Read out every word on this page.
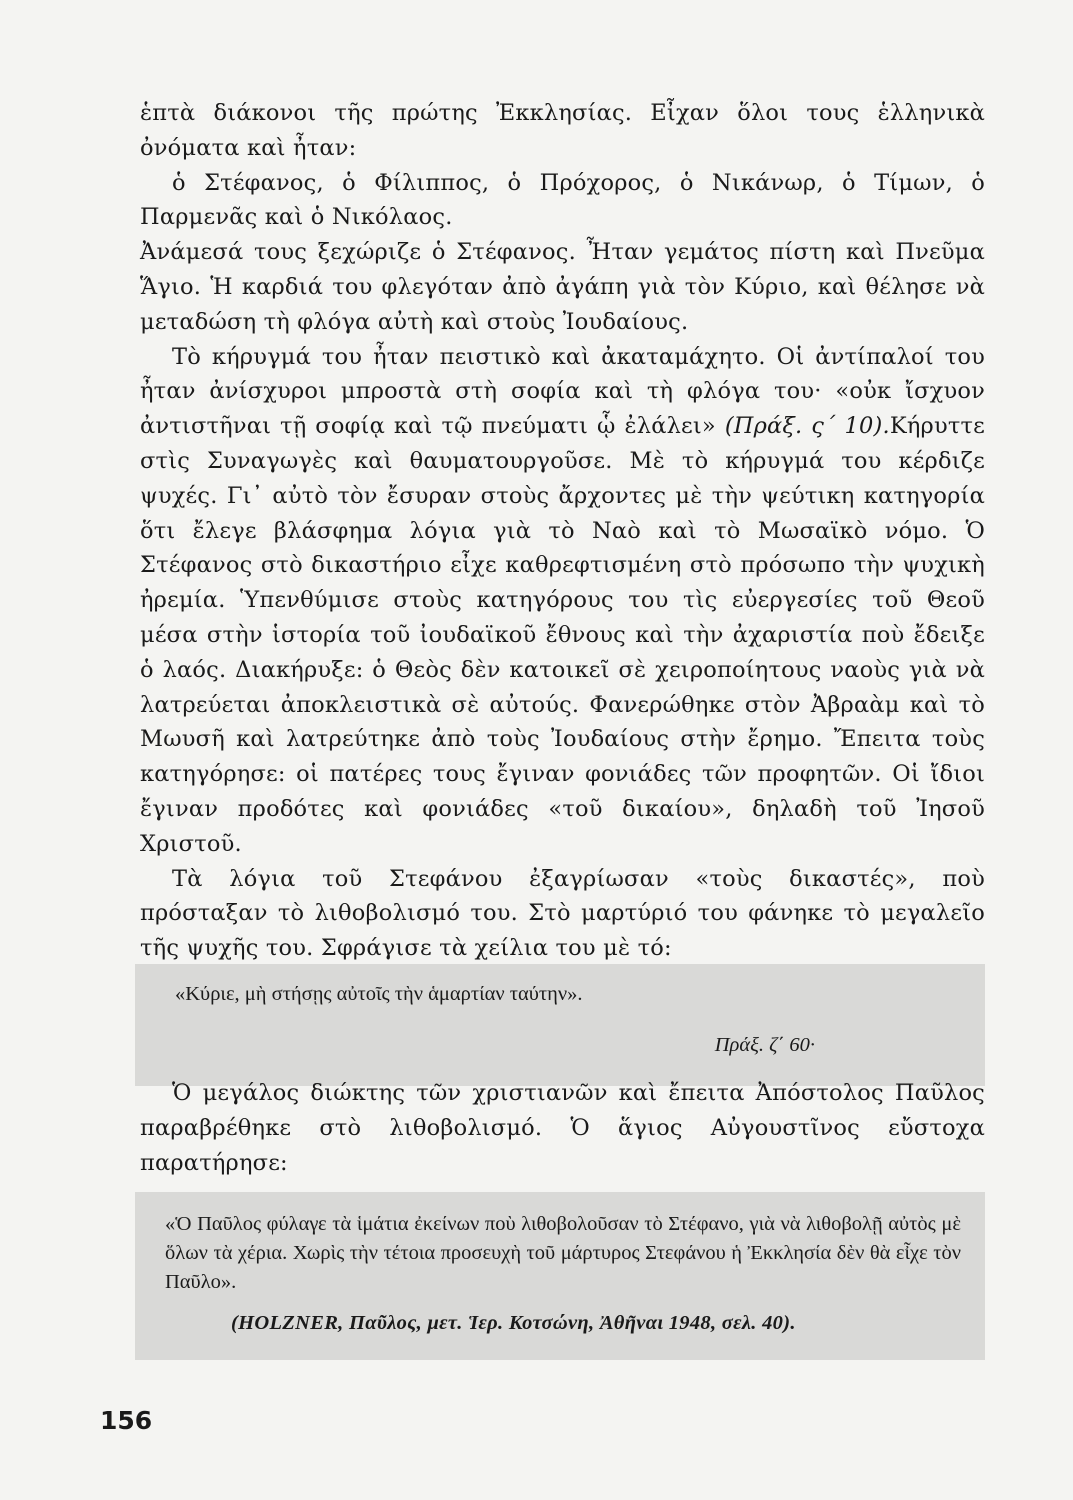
ἑπτὰ διάκονοι τῆς πρώτης Ἐκκλησίας. Εἶχαν ὅλοι τους ἑλληνικὰ ὀνόματα καὶ ἦταν:
ὁ Στέφανος, ὁ Φίλιππος, ὁ Πρόχορος, ὁ Νικάνωρ, ὁ Τίμων, ὁ Παρμενᾶς καὶ ὁ Νικόλαος.
Ἀνάμεσά τους ξεχώριζε ὁ Στέφανος. Ἦταν γεμάτος πίστη καὶ Πνεῦμα Ἅγιο. Ἡ καρδιά του φλεγόταν ἀπὸ ἀγάπη γιὰ τὸν Κύριο, καὶ θέλησε νὰ μεταδώση τὴ φλόγα αὐτὴ καὶ στοὺς Ἰουδαίους.
Τὸ κήρυγμά του ἦταν πειστικὸ καὶ ἀκαταμάχητο. Οἱ ἀντίπαλοί του ἦταν ἀνίσχυροι μπροστὰ στὴ σοφία καὶ τὴ φλόγα του· «οὐκ ἴσχυον ἀντιστῆναι τῇ σοφίᾳ καὶ τῷ πνεύματι ᾧ ἐλάλει» (Πράξ. ς΄ 10).Κήρυττε στὶς Συναγωγὲς καὶ θαυματουργοῦσε. Μὲ τὸ κήρυγμά του κέρδιζε ψυχές. Γι᾿ αὐτὸ τὸν ἔσυραν στοὺς ἄρχοντες μὲ τὴν ψεύτικη κατηγορία ὅτι ἔλεγε βλάσφημα λόγια γιὰ τὸ Ναὸ καὶ τὸ Μωσαϊκὸ νόμο. Ὁ Στέφανος στὸ δικαστήριο εἶχε καθρεφτισμένη στὸ πρόσωπο τὴν ψυχικὴ ἠρεμία. Ὑπενθύμισε στοὺς κατηγόρους του τὶς εὐεργεσίες τοῦ Θεοῦ μέσα στὴν ἱστορία τοῦ ἰουδαϊκοῦ ἔθνους καὶ τὴν ἀχαριστία ποὺ ἔδειξε ὁ λαός. Διακήρυξε: ὁ Θεὸς δὲν κατοικεῖ σὲ χειροποίητους ναοὺς γιὰ νὰ λατρεύεται ἀποκλειστικὰ σὲ αὐτούς. Φανερώθηκε στὸν Ἀβραὰμ καὶ τὸ Μωυσῆ καὶ λατρεύτηκε ἀπὸ τοὺς Ἰουδαίους στὴν ἔρημο. Ἔπειτα τοὺς κατηγόρησε: οἱ πατέρες τους ἔγιναν φονιάδες τῶν προφητῶν. Οἱ ἴδιοι ἔγιναν προδότες καὶ φονιάδες «τοῦ δικαίου», δηλαδὴ τοῦ Ἰησοῦ Χριστοῦ.
Τὰ λόγια τοῦ Στεφάνου ἐξαγρίωσαν «τοὺς δικαστές», ποὺ πρόσταξαν τὸ λιθοβολισμό του. Στὸ μαρτύριό του φάνηκε τὸ μεγαλεῖο τῆς ψυχῆς του. Σφράγισε τὰ χείλια του μὲ τό:

«Κύριε, μὴ στήσῃς αὐτοῖς τὴν ἁμαρτίαν ταύτην».

Πράξ. ζ΄ 60·

Ὁ μεγάλος διώκτης τῶν χριστιανῶν καὶ ἔπειτα Ἀπόστολος Παῦλος παραβρέθηκε στὸ λιθοβολισμό. Ὁ ἅγιος Αὐγουστῖνος εὔστοχα παρατήρησε:

«Ὁ Παῦλος φύλαγε τὰ ἱμάτια ἐκείνων ποὺ λιθοβολοῦσαν τὸ Στέφανο, γιὰ νὰ λιθοβολῇ αὐτὸς μὲ ὅλων τὰ χέρια. Χωρὶς τὴν τέτοια προσευχὴ τοῦ μάρτυρος Στεφάνου ἡ Ἐκκλησία δὲν θὰ εἶχε τὸν Παῦλο».

(HOLZNER, Παῦλος, μετ. Ἱερ. Κοτσώνη, Ἀθῆναι 1948, σελ. 40).

156
